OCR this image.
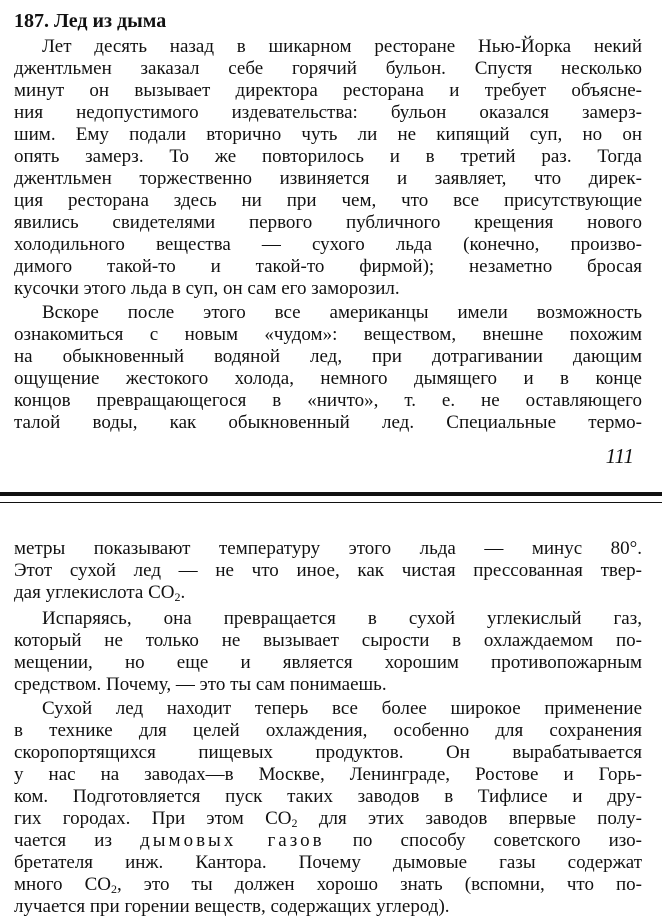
187. Лед из дыма
Лет десять назад в шикарном ресторане Нью-Йорка некий
джентльмен заказал себе горячий бульон. Спустя несколько
минут он вызывает директора ресторана и требует объясне-
ния недопустимого издевательства: бульон оказался замерз-
шим. Ему подали вторично чуть ли не кипящий суп, но он
опять замерз. То же повторилось и в третий раз. Тогда
джентльмен торжественно извиняется и заявляет, что дирек-
ция ресторана здесь ни при чем, что все присутствующие
явились свидетелями первого публичного крещения нового
холодильного вещества — сухого льда (конечно, произво-
димого такой-то и такой-то фирмой); незаметно бросая
кусочки этого льда в суп, он сам его заморозил.
Вскоре после этого все американцы имели возможность
ознакомиться с новым «чудом»: веществом, внешне похожим
на обыкновенный водяной лед, при дотрагивании дающим
ощущение жестокого холода, немного дымящего и в конце
концов превращающегося в «ничто», т. е. не оставляющего
талой воды, как обыкновенный лед. Специальные термо-
111
метры показывают температуру этого льда — минус 80°.
Этот сухой лед — не что иное, как чистая прессованная твер-
дая углекислота $CO_2$.
Испаряясь, она превращается в сухой углекислый газ,
который не только не вызывает сырости в охлаждаемом по-
мещении, но еще и является хорошим противопожарным
средством. Почему, — это ты сам понимаешь.
Сухой лед находит теперь все более широкое применение
в технике для целей охлаждения, особенно для сохранения
скоропортящихся пищевых продуктов. Он вырабатывается
у нас на заводах—в Москве, Ленинграде, Ростове и Горь-
ком. Подготовляется пуск таких заводов в Тифлисе и дру-
гих городах. При этом $CO_2$ для этих заводов впервые полу-
чается из дымовых газов по способу советского изо-
бретателя инж. Кантора. Почему дымовые газы содержат
много $CO_2$, это ты должен хорошо знать (вспомни, что по-
лучается при горении веществ, содержащих углерод).
